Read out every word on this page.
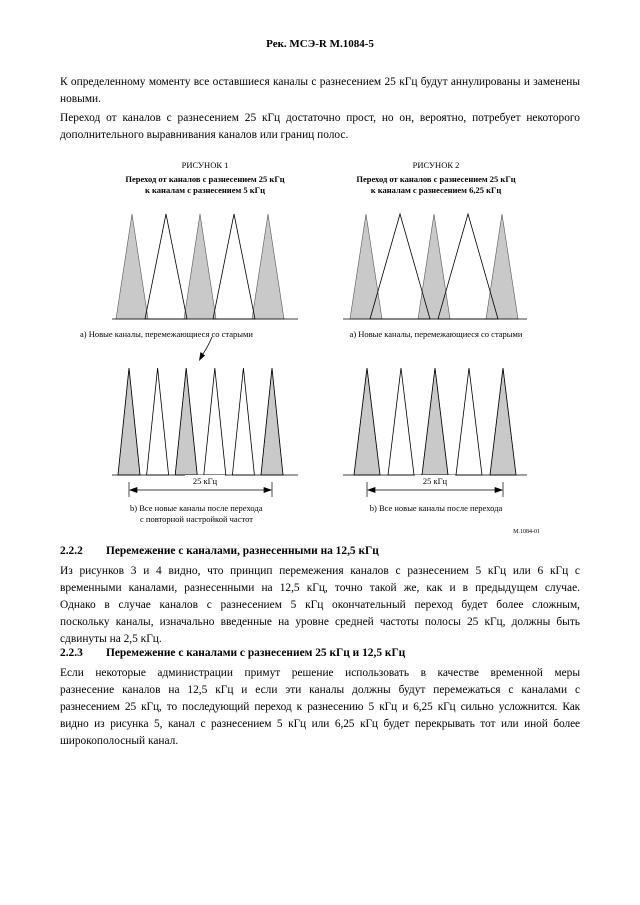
Рек. МСЭ-R M.1084-5

К определенному моменту все оставшиеся каналы с разнесением 25 кГц будут аннулированы и заменены новыми.

Переход от каналов с разнесением 25 кГц достаточно прост, но он, вероятно, потребует некоторого дополнительного выравнивания каналов или границ полос.

РИСУНОК 1
Переход от каналов с разнесением 25 кГц
к каналам с разнесением 5 кГц
a) Новые каналы, перемежающиеся со старыми
25 кГц
b) Все новые каналы после перехода
с повторной настройкой частот
РИСУНОК 2
Переход от каналов с разнесением 25 кГц
к каналам с разнесением 6,25 кГц
a) Новые каналы, перемежающиеся со старыми
25 кГц
b) Все новые каналы после перехода
M.1084-01
2.2.2 Перемежение с каналами, разнесенными на 12,5 кГц
Из рисунков 3 и 4 видно, что принцип перемежения каналов с разнесением 5 кГц или 6 кГц с
временными каналами, разнесенными на 12,5 кГц, точно такой же, как и в предыдущем случае.
Однако в случае каналов с разнесением 5 кГц окончательный переход будет более сложным,
поскольку каналы, изначально введенные на уровне средней частоты полосы 25 кГц, должны быть
сдвинуты на 2,5 кГц.
2.2.3 Перемежение с каналами с разнесением 25 кГц и 12,5 кГц
Если некоторые администрации примут решение использовать в качестве временной меры
разнесение каналов на 12,5 кГц и если эти каналы должны будут перемежаться с каналами с
разнесением 25 кГц, то последующий переход к разнесению 5 кГц и 6,25 кГц сильно усложнится. Как
видно из рисунка 5, канал с разнесением 5 кГц или 6,25 кГц будет перекрывать тот или иной более
широкополосный канал.
